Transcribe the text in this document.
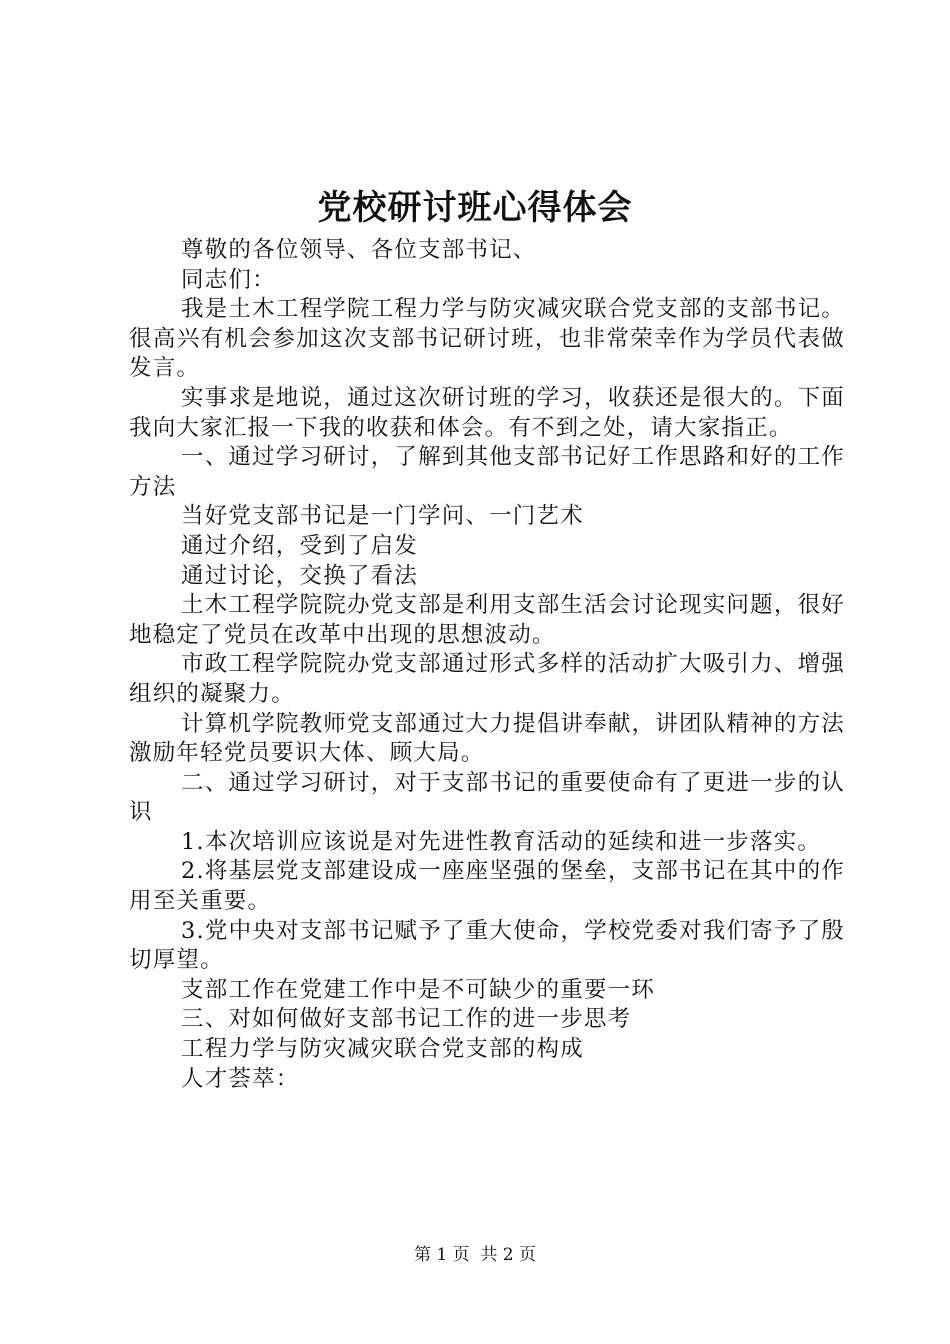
党校研讨班心得体会

尊敬的各位领导、各位支部书记、

同志们：

我是土木工程学院工程力学与防灾减灾联合党支部的支部书记。很高兴有机会参加这次支部书记研讨班，也非常荣幸作为学员代表做发言。

实事求是地说，通过这次研讨班的学习，收获还是很大的。下面我向大家汇报一下我的收获和体会。有不到之处，请大家指正。

一、通过学习研讨，了解到其他支部书记好工作思路和好的工作方法

当好党支部书记是一门学问、一门艺术

通过介绍，受到了启发

通过讨论，交换了看法

土木工程学院院办党支部是利用支部生活会讨论现实问题，很好地稳定了党员在改革中出现的思想波动。

市政工程学院院办党支部通过形式多样的活动扩大吸引力、增强组织的凝聚力。

计算机学院教师党支部通过大力提倡讲奉献，讲团队精神的方法激励年轻党员要识大体、顾大局。

二、通过学习研讨，对于支部书记的重要使命有了更进一步的认识

1.本次培训应该说是对先进性教育活动的延续和进一步落实。

2.将基层党支部建设成一座座坚强的堡垒，支部书记在其中的作用至关重要。

3.党中央对支部书记赋予了重大使命，学校党委对我们寄予了殷切厚望。

支部工作在党建工作中是不可缺少的重要一环

三、对如何做好支部书记工作的进一步思考

工程力学与防灾减灾联合党支部的构成

人才荟萃：

第 1 页  共 2 页
